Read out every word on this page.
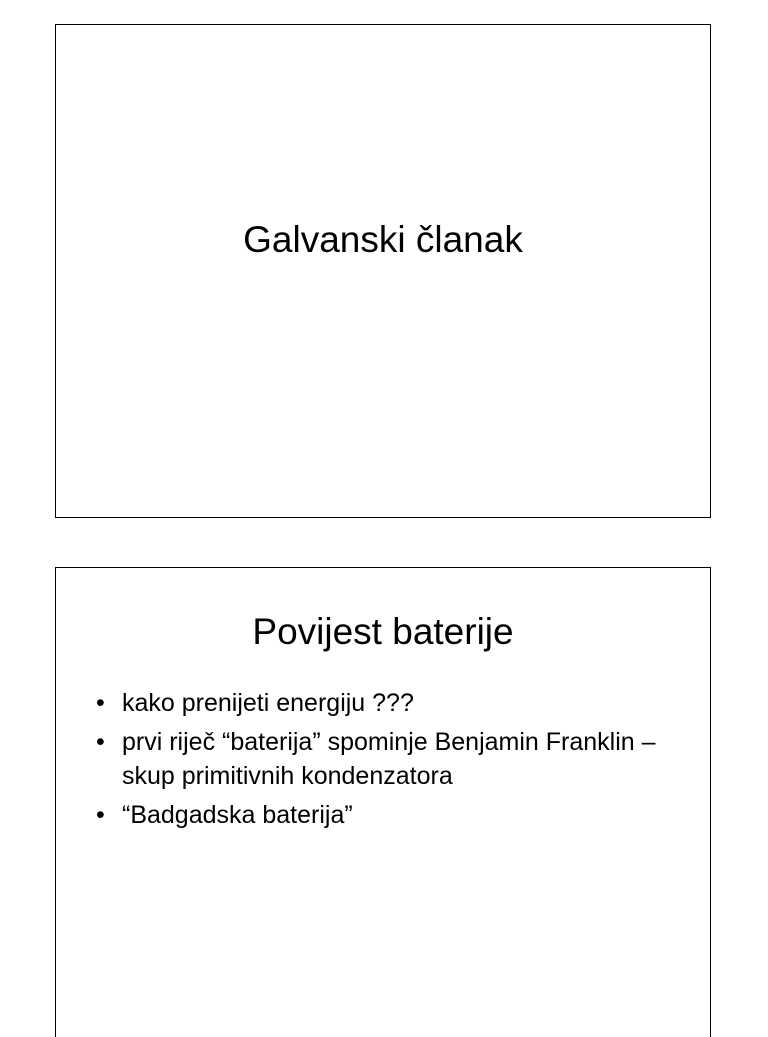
Galvanski članak
Povijest baterije
• kako prenijeti energiju ???
• prvi riječ “baterija” spominje Benjamin Franklin – skup primitivnih kondenzatora
• “Badgadska baterija”
